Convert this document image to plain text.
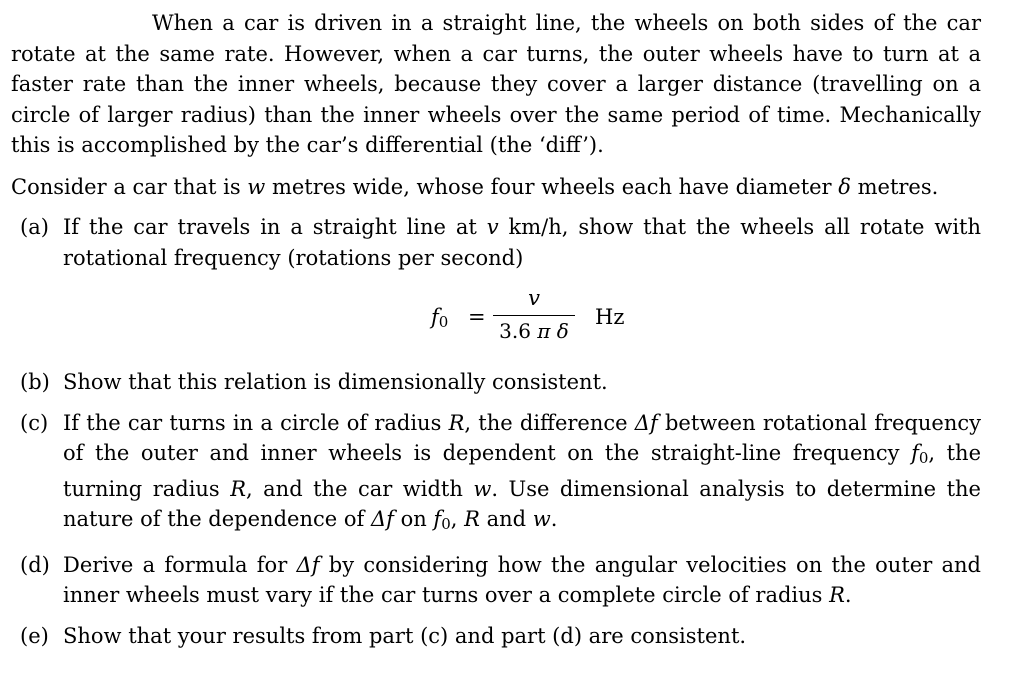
When a car is driven in a straight line, the wheels on both sides of the car rotate at the same rate. However, when a car turns, the outer wheels have to turn at a faster rate than the inner wheels, because they cover a larger distance (travelling on a circle of larger radius) than the inner wheels over the same period of time. Mechanically this is accomplished by the car’s differential (the ‘diff’).
Consider a car that is w metres wide, whose four wheels each have diameter δ metres.
(a) If the car travels in a straight line at v km/h, show that the wheels all rotate with rotational frequency (rotations per second)
$f_0$ =
v
3.6 π δ
Hz
(b) Show that this relation is dimensionally consistent.
(c) If the car turns in a circle of radius R, the difference Δf between rotational frequency of the outer and inner wheels is dependent on the straight-line frequency $f_0$, the turning radius R, and the car width w. Use dimensional analysis to determine the nature of the dependence of Δf on $f_0$, R and w.
(d) Derive a formula for Δf by considering how the angular velocities on the outer and inner wheels must vary if the car turns over a complete circle of radius R.
(e) Show that your results from part (c) and part (d) are consistent.
